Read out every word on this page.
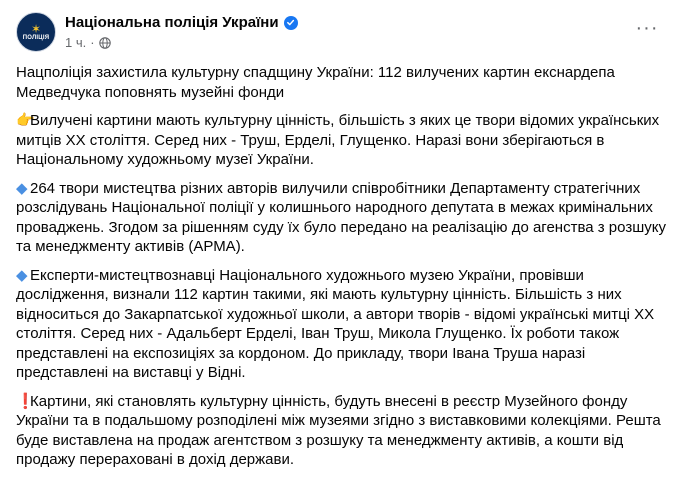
✶
ПОЛІЦІЯ
Національна поліція України
1 ч. ·
···
Нацполіція захистила культурну спадщину України: 112 вилучених картин екснардепа
Медведчука поповнять музейні фонди
👉Вилучені картини мають культурну цінність, більшість з яких це твори відомих українських
митців ХХ століття. Серед них - Труш, Ерделі, Глущенко. Наразі вони зберігаються в
Національному художньому музеї України.
◆ 264 твори мистецтва різних авторів вилучили співробітники Департаменту стратегічних
розслідувань Національної поліції у колишнього народного депутата в межах кримінальних
проваджень. Згодом за рішенням суду їх було передано на реалізацію до агенства з розшуку
та менеджменту активів (АРМА).
◆ Експерти-мистецтвознавці Національного художнього музею України, провівши
дослідження, визнали 112 картин такими, які мають культурну цінність. Більшість з них
відноситься до Закарпатської художньої школи, а автори творів - відомі українські митці ХХ
століття. Серед них - Адальберт Ерделі, Іван Труш, Микола Глущенко. Їх роботи також
представлені на експозиціях за кордоном. До прикладу, твори Івана Труша наразі
представлені на виставці у Відні.
❗Картини, які становлять культурну цінність, будуть внесені в реєстр Музейного фонду
України та в подальшому розподілені між музеями згідно з виставковими колекціями. Решта
буде виставлена на продаж агентством з розшуку та менеджменту активів, а кошти від
продажу перераховані в дохід держави.
